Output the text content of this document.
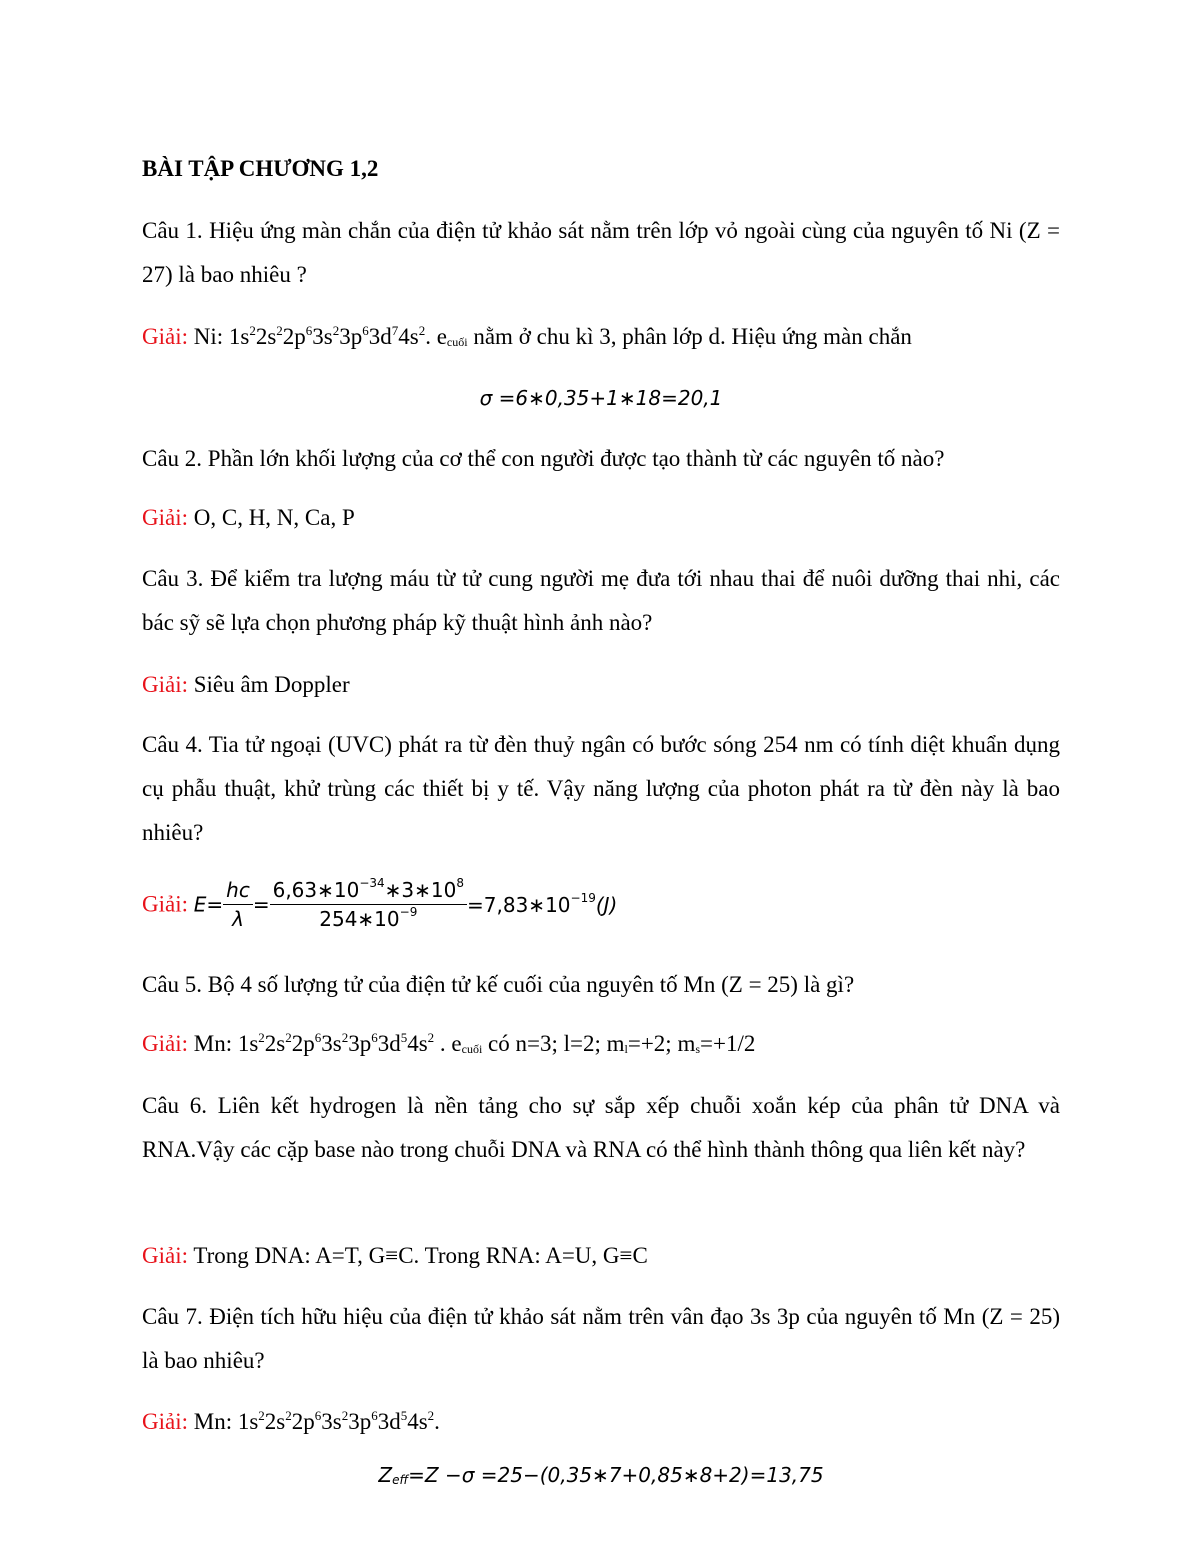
BÀI TẬP CHƯƠNG 1,2
Câu 1. Hiệu ứng màn chắn của điện tử khảo sát nằm trên lớp vỏ ngoài cùng của nguyên tố Ni (Z = 27) là bao nhiêu ?
Giải: Ni: $1s^22s^22p^63s^23p^63d^74s^2$. $e_{cuối}$ nằm ở chu kì 3, phân lớp d. Hiệu ứng màn chắn
σ =6∗0,35+1∗18=20,1
Câu 2. Phần lớn khối lượng của cơ thể con người được tạo thành từ các nguyên tố nào?
Giải: O, C, H, N, Ca, P
Câu 3. Để kiểm tra lượng máu từ tử cung người mẹ đưa tới nhau thai để nuôi dưỡng thai nhi, các bác sỹ sẽ lựa chọn phương pháp kỹ thuật hình ảnh nào?
Giải: Siêu âm Doppler
Câu 4. Tia tử ngoại (UVC) phát ra từ đèn thuỷ ngân có bước sóng 254 nm có tính diệt khuẩn dụng cụ phẫu thuật, khử trùng các thiết bị y tế. Vậy năng lượng của photon phát ra từ đèn này là bao nhiêu?
Giải: $E= \frac{hc}{\lambda} = \frac{6,63∗10^{-34}∗3∗10^8}{254∗10^{-9}}$ $=7,83∗10^{-19}(J)$
Câu 5. Bộ 4 số lượng tử của điện tử kế cuối của nguyên tố Mn (Z = 25) là gì?
Giải: Mn: $1s^22s^22p^63s^23p^63d^54s^2$ . $e_{cuối}$ có n=3; l=2; $m_l=+2$; $m_s=+1/2$
Câu 6. Liên kết hydrogen là nền tảng cho sự sắp xếp chuỗi xoắn kép của phân tử DNA và RNA.Vậy các cặp base nào trong chuỗi DNA và RNA có thể hình thành thông qua liên kết này?
Giải: Trong DNA: A=T, G≡C. Trong RNA: A=U, G≡C
Câu 7. Điện tích hữu hiệu của điện tử khảo sát nằm trên vân đạo 3s 3p của nguyên tố Mn (Z = 25) là bao nhiêu?
Giải: Mn: $1s^22s^22p^63s^23p^63d^54s^2$.
$Z_{eff}=Z -\sigma$ =25−(0,35∗7+0,85∗8+2)=13,75
